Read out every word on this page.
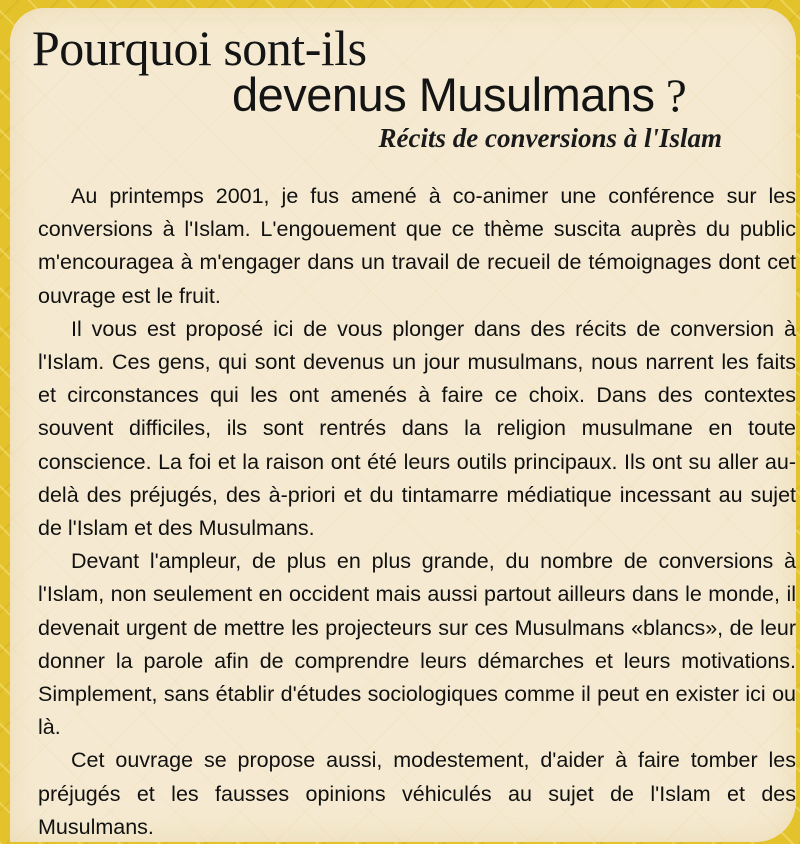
Pourquoi sont-ils
devenus Musulmans ?
Récits de conversions à l'Islam

Au printemps 2001, je fus amené à co-animer une conférence sur les conversions à l'Islam. L'engouement que ce thème suscita auprès du public m'encouragea à m'engager dans un travail de recueil de témoignages dont cet ouvrage est le fruit.

Il vous est proposé ici de vous plonger dans des récits de conversion à l'Islam. Ces gens, qui sont devenus un jour musulmans, nous narrent les faits et circonstances qui les ont amenés à faire ce choix. Dans des contextes souvent difficiles, ils sont rentrés dans la religion musulmane en toute conscience. La foi et la raison ont été leurs outils principaux. Ils ont su aller au-delà des préjugés, des à-priori et du tintamarre médiatique incessant au sujet de l'Islam et des Musulmans.

Devant l'ampleur, de plus en plus grande, du nombre de conversions à l'Islam, non seulement en occident mais aussi partout ailleurs dans le monde, il devenait urgent de mettre les projecteurs sur ces Musulmans «blancs», de leur donner la parole afin de comprendre leurs démarches et leurs motivations. Simplement, sans établir d'études sociologiques comme il peut en exister ici ou là.

Cet ouvrage se propose aussi, modestement, d'aider à faire tomber les préjugés et les fausses opinions véhiculés au sujet de l'Islam et des Musulmans.
